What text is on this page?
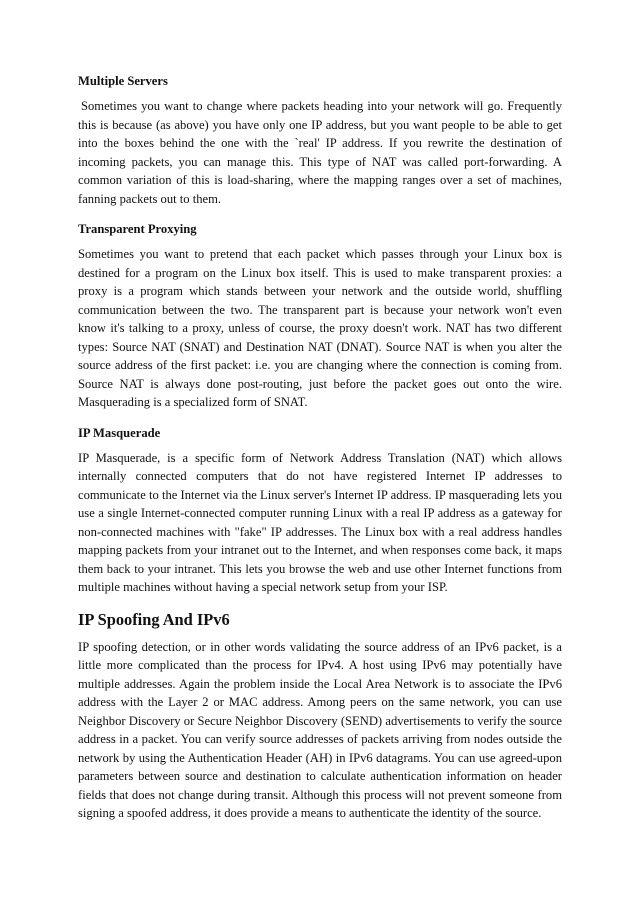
Multiple Servers

Sometimes you want to change where packets heading into your network will go. Frequently this is because (as above) you have only one IP address, but you want people to be able to get into the boxes behind the one with the `real' IP address. If you rewrite the destination of incoming packets, you can manage this. This type of NAT was called port-forwarding. A common variation of this is load-sharing, where the mapping ranges over a set of machines, fanning packets out to them.

Transparent Proxying

Sometimes you want to pretend that each packet which passes through your Linux box is destined for a program on the Linux box itself. This is used to make transparent proxies: a proxy is a program which stands between your network and the outside world, shuffling communication between the two. The transparent part is because your network won't even know it's talking to a proxy, unless of course, the proxy doesn't work. NAT has two different types: Source NAT (SNAT) and Destination NAT (DNAT). Source NAT is when you alter the source address of the first packet: i.e. you are changing where the connection is coming from. Source NAT is always done post-routing, just before the packet goes out onto the wire. Masquerading is a specialized form of SNAT.

IP Masquerade

IP Masquerade, is a specific form of Network Address Translation (NAT) which allows internally connected computers that do not have registered Internet IP addresses to communicate to the Internet via the Linux server's Internet IP address. IP masquerading lets you use a single Internet-connected computer running Linux with a real IP address as a gateway for non-connected machines with "fake" IP addresses. The Linux box with a real address handles mapping packets from your intranet out to the Internet, and when responses come back, it maps them back to your intranet. This lets you browse the web and use other Internet functions from multiple machines without having a special network setup from your ISP.

IP Spoofing And IPv6

IP spoofing detection, or in other words validating the source address of an IPv6 packet, is a little more complicated than the process for IPv4. A host using IPv6 may potentially have multiple addresses. Again the problem inside the Local Area Network is to associate the IPv6 address with the Layer 2 or MAC address. Among peers on the same network, you can use Neighbor Discovery or Secure Neighbor Discovery (SEND) advertisements to verify the source address in a packet. You can verify source addresses of packets arriving from nodes outside the network by using the Authentication Header (AH) in IPv6 datagrams. You can use agreed-upon parameters between source and destination to calculate authentication information on header fields that does not change during transit. Although this process will not prevent someone from signing a spoofed address, it does provide a means to authenticate the identity of the source.
